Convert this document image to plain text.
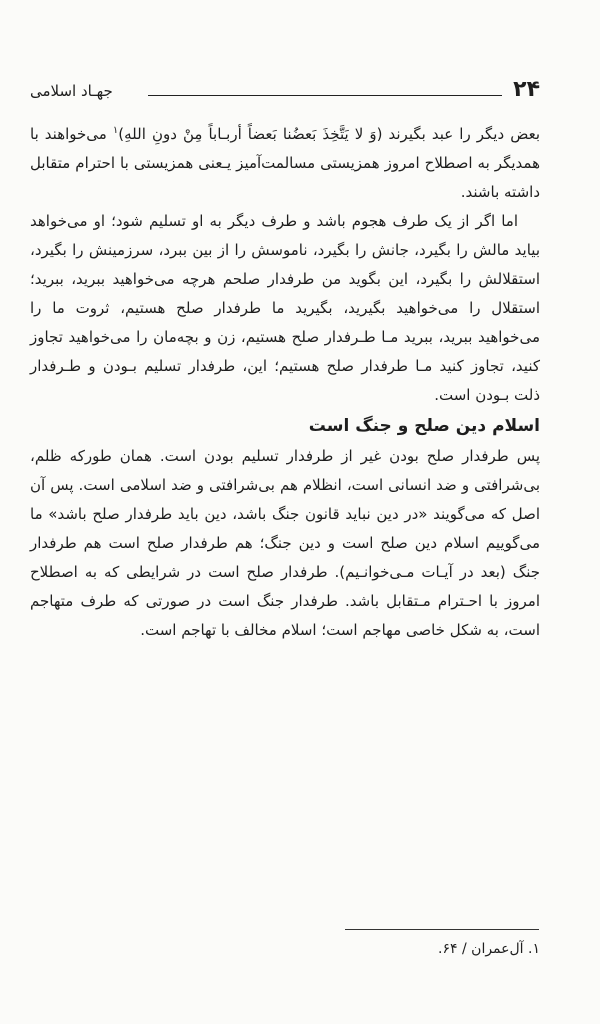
۲۴
جهـاد اسلامی

بعض دیگر را عبد بگیرند (وَ لا یَتَّخِذَ بَعضُنا بَعضاً أربـاباً مِنْ دونِ اللهِ)$^۱$ می‌خواهند با همدیگر به اصطلاح امروز همزیستی مسالمت‌آمیز یـعنی همزیستی با احترام متقابل داشته باشند.

اما اگر از یک طرف هجوم باشد و طرف دیگر به او تسلیم شود؛ او می‌خواهد بیاید مالش را بگیرد، جانش را بگیرد، ناموسش را از بین ببرد، سرزمینش را بگیرد، استقلالش را بگیرد، این بگوید من طرفدار صلحم هرچه می‌خواهید ببرید، ببرید؛ استقلال را می‌خواهید بگیرید، بگیرید ما طرفدار صلح هستیم، ثروت ما را می‌خواهید ببرید، ببرید مـا طـرفدار صلح هستیم، زن و بچه‌مان را می‌خواهید تجاوز کنید، تجاوز کنید مـا طرفدار صلح هستیم؛ این، طرفدار تسلیم بـودن و طـرفدار ذلت بـودن است.

اسلام دین صلح و جنگ است

پس طرفدار صلح بودن غیر از طرفدار تسلیم بودن است. همان طورکه ظلم، بی‌شرافتی و ضد انسانی است، انظلام هم بی‌شرافتی و ضد اسلامی است. پس آن اصل که می‌گویند «در دین نباید قانون جنگ باشد، دین باید طرفدار صلح باشد» ما می‌گوییم اسلام دین صلح است و دین جنگ؛ هم طرفدار صلح است هم طرفدار جنگ (بعد در آیـات مـی‌خوانـیم). طرفدار صلح است در شرایطی که به اصطلاح امروز با احـترام مـتقابل باشد. طرفدار جنگ است در صورتی که طرف متهاجم است، به شکل خاصی مهاجم است؛ اسلام مخالف با تهاجم است.

۱. آل‌عمران / ۶۴.
